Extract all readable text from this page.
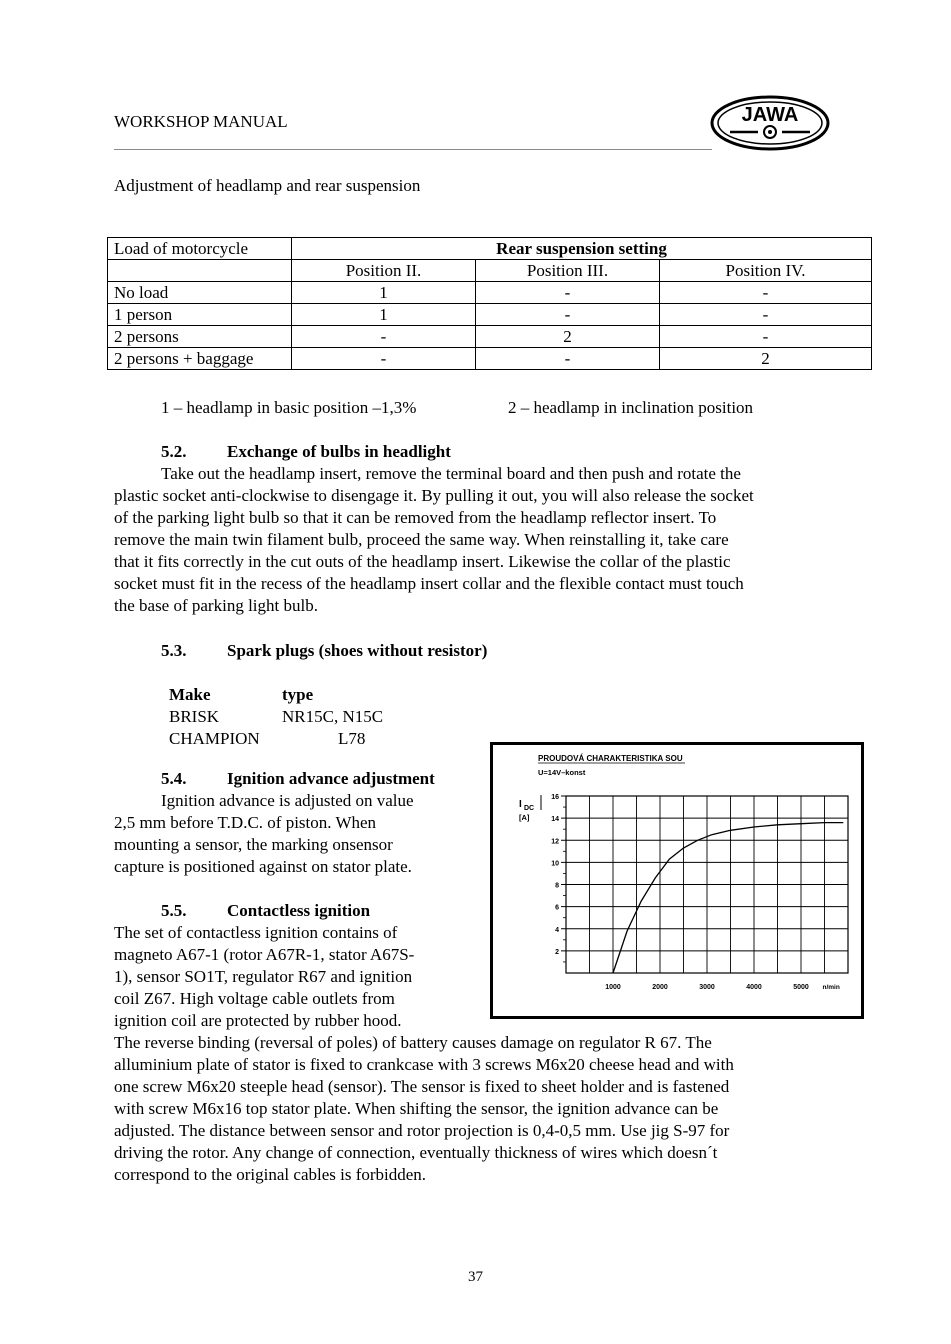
WORKSHOP MANUAL	JAWA
Adjustment of headlamp and rear suspension
Load of motorcycle	Rear suspension setting		
	Position II.	Position III.	Position IV.
No load	1	-	-
1 person	1	-	-
2 persons	-	2	-
2 persons + baggage	-	-	2
1 – headlamp in basic position –1,3%	2 – headlamp in inclination position
5.2. Exchange of bulbs in headlight
Take out the headlamp insert, remove the terminal board and then push and rotate the
plastic socket anti-clockwise to disengage it. By pulling it out, you will also release the socket
of the parking light bulb so that it can be removed from the headlamp reflector insert. To
remove the main twin filament bulb, proceed the same way. When reinstalling it, take care
that it fits correctly in the cut outs of the headlamp insert. Likewise the collar of the plastic
socket must fit in the recess of the headlamp insert collar and the flexible contact must touch
the base of parking light bulb.
5.3. Spark plugs (shoes without resistor)
Make	type
BRISK	NR15C, N15C
CHAMPION	L78
5.4. Ignition advance adjustment
Ignition advance is adjusted on value
2,5 mm before T.D.C. of piston. When
mounting a sensor, the marking onsensor
capture is positioned against on stator plate.
5.5. Contactless ignition
The set of contactless ignition contains of
magneto A67-1 (rotor A67R-1, stator A67S-
1), sensor SO1T, regulator R67 and ignition
coil Z67. High voltage cable outlets from
ignition coil are protected by rubber hood.
The reverse binding (reversal of poles) of battery causes damage on regulator R 67. The
alluminium plate of stator is fixed to crankcase with 3 screws M6x20 cheese head and with
one screw M6x20 steeple head (sensor). The sensor is fixed to sheet holder and is fastened
with screw M6x16 top stator plate. When shifting the sensor, the ignition advance can be
adjusted. The distance between sensor and rotor projection is 0,4-0,5 mm. Use jig S-97 for
driving the rotor. Any change of connection, eventually thickness of wires which doesn´t
correspond to the original cables is forbidden.
PROUDOVÁ CHARAKTERISTIKA SOU
U=14V–konst
I DC
[A]
2
4
6
8
10
12
14
16
1000	2000	3000	4000	5000 n/min
37
